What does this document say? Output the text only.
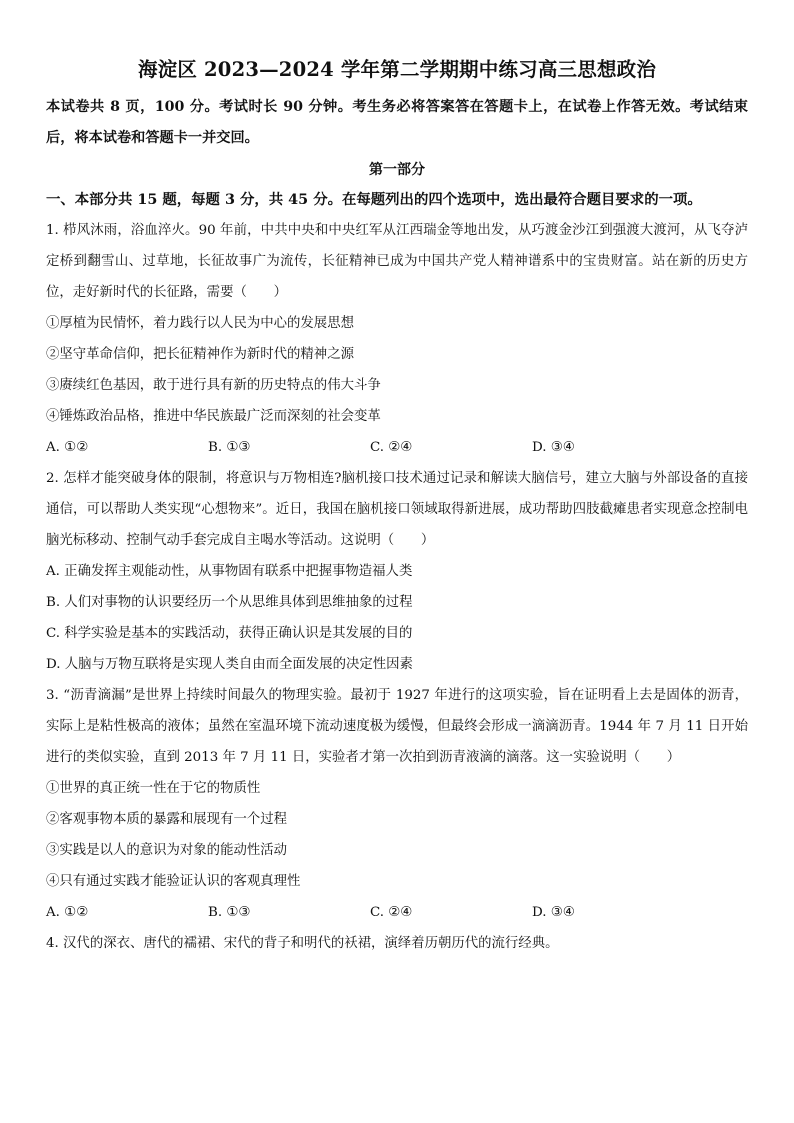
海淀区 2023—2024 学年第二学期期中练习高三思想政治

本试卷共 8 页，100 分。考试时长 90 分钟。考生务必将答案答在答题卡上，在试卷上作答无效。考试结束后，将本试卷和答题卡一并交回。

第一部分

一、本部分共 15 题，每题 3 分，共 45 分。在每题列出的四个选项中，选出最符合题目要求的一项。

1. 栉风沐雨，浴血淬火。90 年前，中共中央和中央红军从江西瑞金等地出发，从巧渡金沙江到强渡大渡河，从飞夺泸定桥到翻雪山、过草地，长征故事广为流传，长征精神已成为中国共产党人精神谱系中的宝贵财富。站在新的历史方位，走好新时代的长征路，需要（　　）

①厚植为民情怀，着力践行以人民为中心的发展思想

②坚守革命信仰，把长征精神作为新时代的精神之源

③赓续红色基因，敢于进行具有新的历史特点的伟大斗争

④锤炼政治品格，推进中华民族最广泛而深刻的社会变革

A. ①②	B. ①③	C. ②④	D. ③④

2. 怎样才能突破身体的限制，将意识与万物相连?脑机接口技术通过记录和解读大脑信号，建立大脑与外部设备的直接通信，可以帮助人类实现“心想物来”。近日，我国在脑机接口领域取得新进展，成功帮助四肢截瘫患者实现意念控制电脑光标移动、控制气动手套完成自主喝水等活动。这说明（　　）

A. 正确发挥主观能动性，从事物固有联系中把握事物造福人类

B. 人们对事物的认识要经历一个从思维具体到思维抽象的过程

C. 科学实验是基本的实践活动，获得正确认识是其发展的目的

D. 人脑与万物互联将是实现人类自由而全面发展的决定性因素

3. “沥青滴漏”是世界上持续时间最久的物理实验。最初于 1927 年进行的这项实验，旨在证明看上去是固体的沥青，实际上是粘性极高的液体；虽然在室温环境下流动速度极为缓慢，但最终会形成一滴滴沥青。1944 年 7 月 11 日开始进行的类似实验，直到 2013 年 7 月 11 日，实验者才第一次拍到沥青液滴的滴落。这一实验说明（　　）

①世界的真正统一性在于它的物质性

②客观事物本质的暴露和展现有一个过程

③实践是以人的意识为对象的能动性活动

④只有通过实践才能验证认识的客观真理性

A. ①②	B. ①③	C. ②④	D. ③④

4. 汉代的深衣、唐代的襦裙、宋代的背子和明代的袄裙，演绎着历朝历代的流行经典。
